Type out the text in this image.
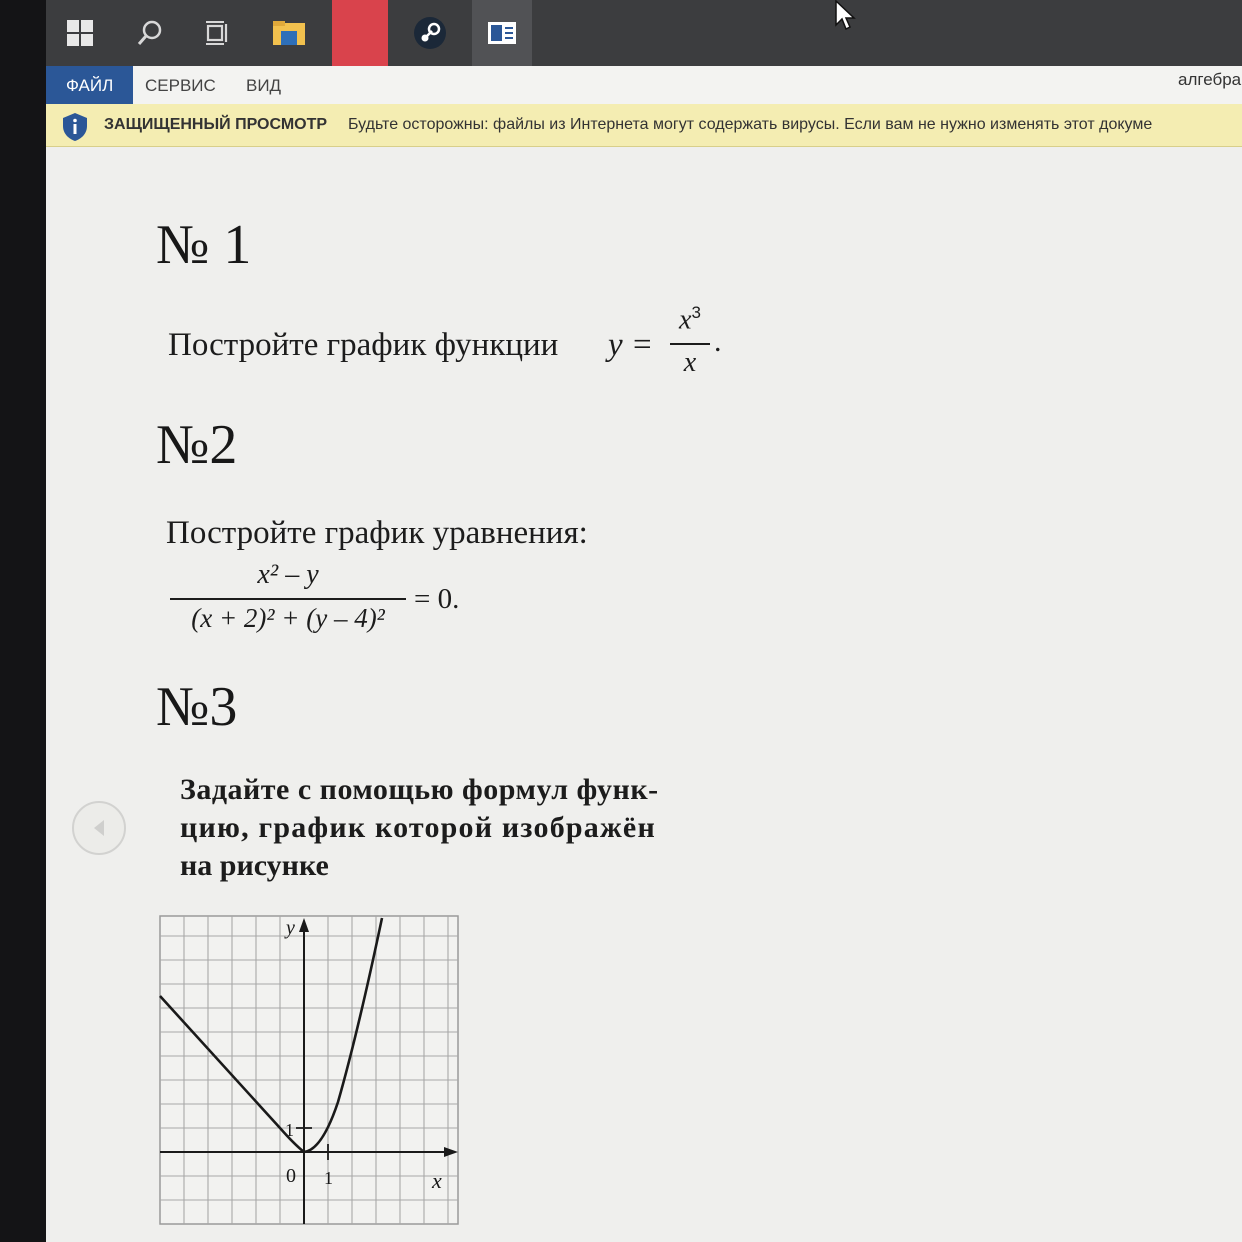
ФАЙЛ	СЕРВИС ВИД	алгебра
ЗАЩИЩЕННЫЙ ПРОСМОТР Будьте осторожны: файлы из Интернета могут содержать вирусы. Если вам не нужно изменять этот докуме
№ 1
Постройте график функции y =
$x^3$
x
.
№2
Постройте график уравнения:
x² – y
(x + 2)² + (y – 4)²
= 0.
№3
Задайте с помощью формул функ-
цию, график которой изображён
на рисунке
y
x
0
1
1
